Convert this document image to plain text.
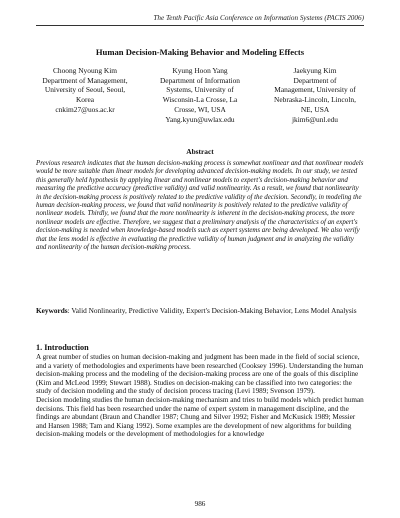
The Tenth Pacific Asia Conference on Information Systems (PACIS 2006)
Human Decision-Making Behavior and Modeling Effects
Choong Nyoung Kim
Department of Management,
University of Seoul, Seoul,
Korea
cnkim27@uos.ac.kr
Kyung Hoon Yang
Department of Information
Systems, University of
Wisconsin-La Crosse, La
Crosse, WI, USA
Yang.kyun@uwlax.edu
Jaekyung Kim
Department of
Management, University of
Nebraska-Lincoln, Lincoln,
NE, USA
jkim6@unl.edu
Abstract
Previous research indicates that the human decision-making process is somewhat nonlinear and that nonlinear models would be more suitable than linear models for developing advanced decision-making models. In our study, we tested this generally held hypothesis by applying linear and nonlinear models to expert's decision-making behavior and measuring the predictive accuracy (predictive validity) and valid nonlinearity. As a result, we found that nonlinearity in the decision-making process is positively related to the predictive validity of the decision. Secondly, in modeling the human decision-making process, we found that valid nonlinearity is positively related to the predictive validity of nonlinear models. Thirdly, we found that the more nonlinearity is inherent in the decision-making process, the more nonlinear models are effective. Therefore, we suggest that a preliminary analysis of the characteristics of an expert's decision-making is needed when knowledge-based models such as expert systems are being developed. We also verify that the lens model is effective in evaluating the predictive validity of human judgment and in analyzing the validity and nonlinearity of the human decision-making process.
Keywords: Valid Nonlinearity, Predictive Validity, Expert's Decision-Making Behavior, Lens Model Analysis
1. Introduction

A great number of studies on human decision-making and judgment has been made in the field of social science, and a variety of methodologies and experiments have been researched (Cooksey 1996). Understanding the human decision-making process and the modeling of the decision-making process are one of the goals of this discipline (Kim and McLeod 1999; Stewart 1988). Studies on decision-making can be classified into two categories: the study of decision modeling and the study of decision process tracing (Levi 1989; Svenson 1979).

Decision modeling studies the human decision-making mechanism and tries to build models which predict human decisions. This field has been researched under the name of expert system in management discipline, and the findings are abundant (Braun and Chandler 1987; Chung and Silver 1992; Fisher and McKusick 1989; Messier and Hansen 1988; Tam and Kiang 1992). Some examples are the development of new algorithms for building decision-making models or the development of methodologies for a knowledge

986
